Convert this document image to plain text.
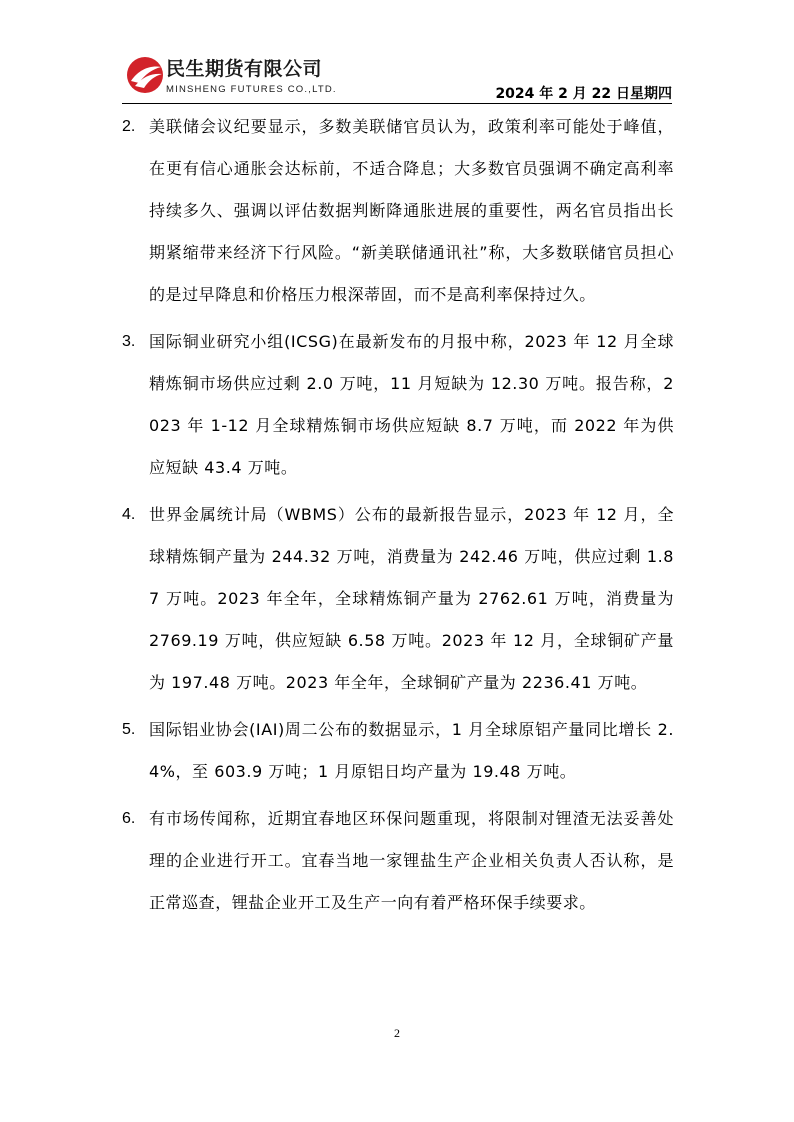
民生期货有限公司
MINSHENG FUTURES CO.,LTD.	2024 年 2 月 22 日星期四
2. 美联储会议纪要显示，多数美联储官员认为，政策利率可能处于峰值，在更有信心通胀会达标前，不适合降息；大多数官员强调不确定高利率持续多久、强调以评估数据判断降通胀进展的重要性，两名官员指出长期紧缩带来经济下行风险。“新美联储通讯社”称，大多数联储官员担心的是过早降息和价格压力根深蒂固，而不是高利率保持过久。
3. 国际铜业研究小组(ICSG)在最新发布的月报中称，2023 年 12 月全球精炼铜市场供应过剩 2.0 万吨，11 月短缺为 12.30 万吨。报告称，2023 年 1-12 月全球精炼铜市场供应短缺 8.7 万吨，而 2022 年为供应短缺 43.4 万吨。
4. 世界金属统计局（WBMS）公布的最新报告显示，2023 年 12 月，全球精炼铜产量为 244.32 万吨，消费量为 242.46 万吨，供应过剩 1.87 万吨。2023 年全年，全球精炼铜产量为 2762.61 万吨，消费量为 2769.19 万吨，供应短缺 6.58 万吨。2023 年 12 月，全球铜矿产量为 197.48 万吨。2023 年全年，全球铜矿产量为 2236.41 万吨。
5. 国际铝业协会(IAI)周二公布的数据显示，1 月全球原铝产量同比增长 2.4%，至 603.9 万吨；1 月原铝日均产量为 19.48 万吨。
6. 有市场传闻称，近期宜春地区环保问题重现，将限制对锂渣无法妥善处理的企业进行开工。宜春当地一家锂盐生产企业相关负责人否认称，是正常巡查，锂盐企业开工及生产一向有着严格环保手续要求。
2
